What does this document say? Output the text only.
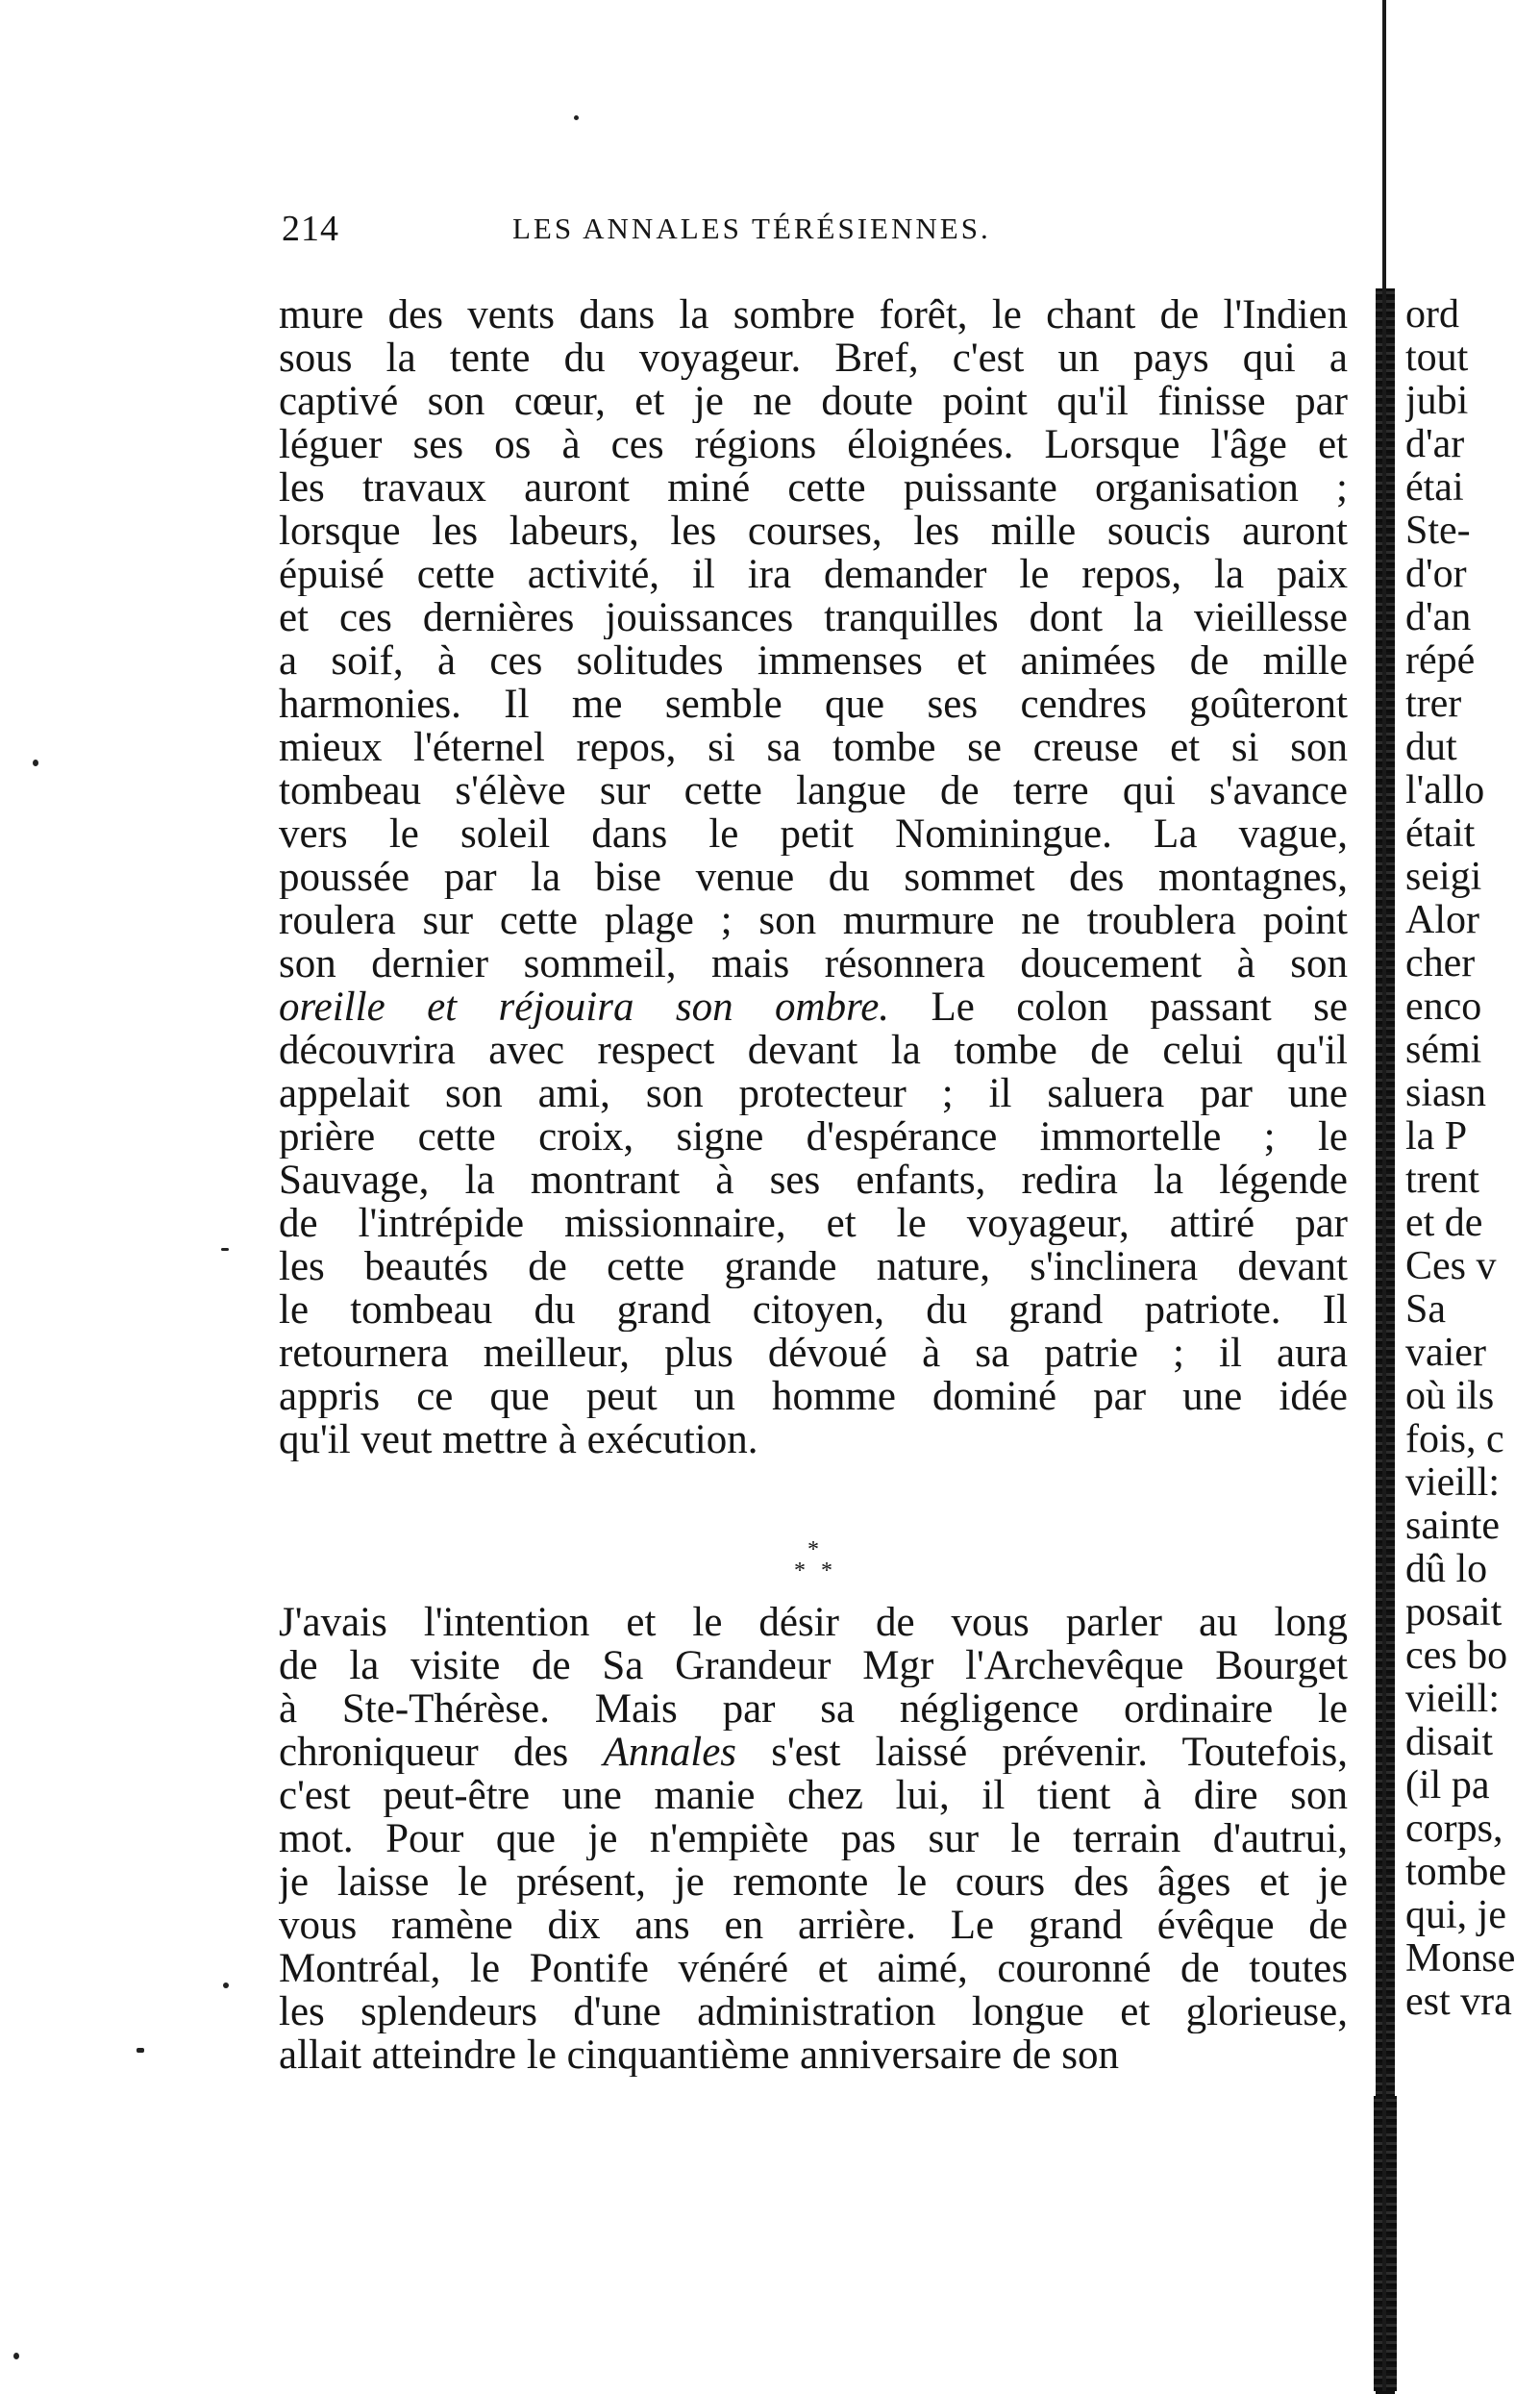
214	LES ANNALES TÉRÉSIENNES.
mure des vents dans la sombre forêt, le chant de l'Indien
sous la tente du voyageur. Bref, c'est un pays qui a
captivé son cœur, et je ne doute point qu'il finisse par
léguer ses os à ces régions éloignées. Lorsque l'âge et
les travaux auront miné cette puissante organisation ;
lorsque les labeurs, les courses, les mille soucis auront
épuisé cette activité, il ira demander le repos, la paix
et ces dernières jouissances tranquilles dont la vieillesse
a soif, à ces solitudes immenses et animées de mille
harmonies. Il me semble que ses cendres goûteront
mieux l'éternel repos, si sa tombe se creuse et si son
tombeau s'élève sur cette langue de terre qui s'avance
vers le soleil dans le petit Nominingue. La vague,
poussée par la bise venue du sommet des montagnes,
roulera sur cette plage ; son murmure ne troublera point
son dernier sommeil, mais résonnera doucement à son
oreille et réjouira son ombre. Le colon passant se
découvrira avec respect devant la tombe de celui qu'il
appelait son ami, son protecteur ; il saluera par une
prière cette croix, signe d'espérance immortelle ; le
Sauvage, la montrant à ses enfants, redira la légende
de l'intrépide missionnaire, et le voyageur, attiré par
les beautés de cette grande nature, s'inclinera devant
le tombeau du grand citoyen, du grand patriote. Il
retournera meilleur, plus dévoué à sa patrie ; il aura
appris ce que peut un homme dominé par une idée
qu'il veut mettre à exécution.
*
* *
J'avais l'intention et le désir de vous parler au long
de la visite de Sa Grandeur Mgr l'Archevêque Bourget
à Ste-Thérèse. Mais par sa négligence ordinaire le
chroniqueur des Annales s'est laissé prévenir. Toutefois,
c'est peut-être une manie chez lui, il tient à dire son
mot. Pour que je n'empiète pas sur le terrain d'autrui,
je laisse le présent, je remonte le cours des âges et je
vous ramène dix ans en arrière. Le grand évêque de
Montréal, le Pontife vénéré et aimé, couronné de toutes
les splendeurs d'une administration longue et glorieuse,
allait atteindre le cinquantième anniversaire de son
ord
tout
jubi
d'ar
étai
Ste-
d'or
d'an
répé
trer
dut
l'allo
était
seigi
Alor
cher
enco
sémi
siasn
la P
trent
et de
Ces v
Sa
vaier
où ils
fois, c
vieill:
sainte
dû lo
posait
ces bo
vieill:
disait
(il pa
corps,
tombe
qui, je
Monse
est vra
